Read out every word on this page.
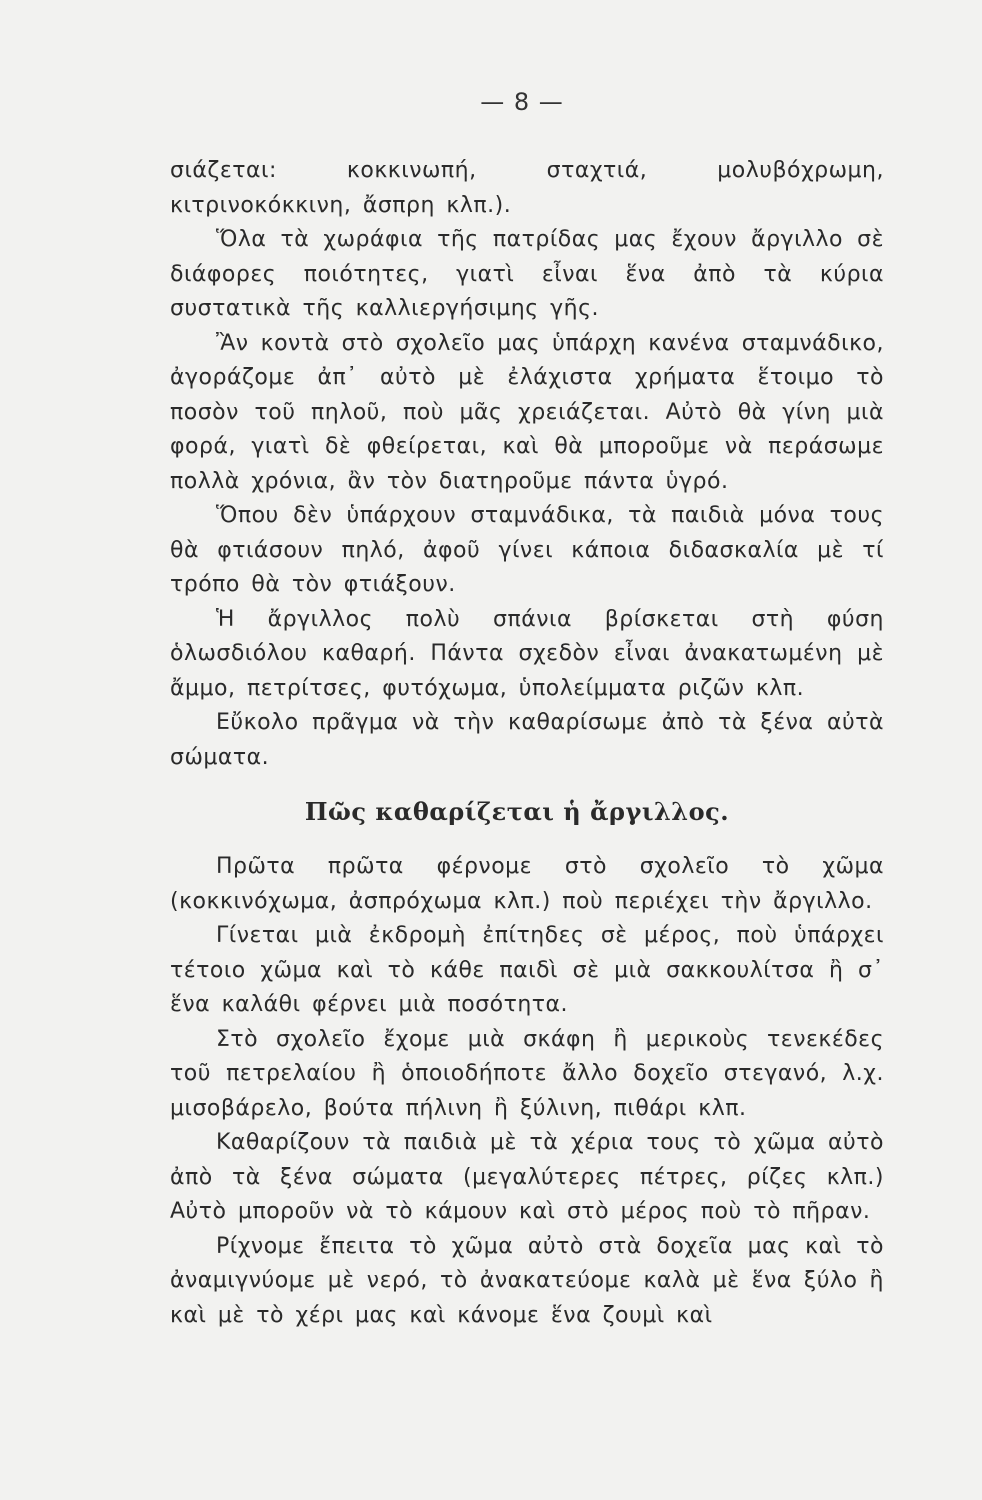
— 8 —

σιάζεται: κοκκινωπή, σταχτιά, μολυβόχρωμη, κιτρινοκόκκινη, ἄσπρη κλπ.).

Ὅλα τὰ χωράφια τῆς πατρίδας μας ἔχουν ἄργιλλο σὲ διάφορες ποιότητες, γιατὶ εἶναι ἕνα ἀπὸ τὰ κύρια συστατικὰ τῆς καλλιεργήσιμης γῆς.

Ἂν κοντὰ στὸ σχολεῖο μας ὑπάρχη κανένα σταμνάδικο, ἀγοράζομε ἀπ᾽ αὐτὸ μὲ ἐλάχιστα χρήματα ἕτοιμο τὸ ποσὸν τοῦ πηλοῦ, ποὺ μᾶς χρειάζεται. Αὐτὸ θὰ γίνη μιὰ φορά, γιατὶ δὲ φθείρεται, καὶ θὰ μποροῦμε νὰ περάσωμε πολλὰ χρόνια, ἂν τὸν διατηροῦμε πάντα ὑγρό.

Ὅπου δὲν ὑπάρχουν σταμνάδικα, τὰ παιδιὰ μόνα τους θὰ φτιάσουν πηλό, ἀφοῦ γίνει κάποια διδασκαλία μὲ τί τρόπο θὰ τὸν φτιάξουν.

Ἡ ἄργιλλος πολὺ σπάνια βρίσκεται στὴ φύση ὁλωσδιόλου καθαρή. Πάντα σχεδὸν εἶναι ἀνακατωμένη μὲ ἄμμο, πετρίτσες, φυτόχωμα, ὑπολείμματα ριζῶν κλπ.

Εὔκολο πρᾶγμα νὰ τὴν καθαρίσωμε ἀπὸ τὰ ξένα αὐτὰ σώματα.

Πῶς καθαρίζεται ἡ ἄργιλλος.

Πρῶτα πρῶτα φέρνομε στὸ σχολεῖο τὸ χῶμα (κοκκινόχωμα, ἀσπρόχωμα κλπ.) ποὺ περιέχει τὴν ἄργιλλο.

Γίνεται μιὰ ἐκδρομὴ ἐπίτηδες σὲ μέρος, ποὺ ὑπάρχει τέτοιο χῶμα καὶ τὸ κάθε παιδὶ σὲ μιὰ σακκουλίτσα ἢ σ᾽ ἕνα καλάθι φέρνει μιὰ ποσότητα.

Στὸ σχολεῖο ἔχομε μιὰ σκάφη ἢ μερικοὺς τενεκέδες τοῦ πετρελαίου ἢ ὁποιοδήποτε ἄλλο δοχεῖο στεγανό, λ.χ. μισοβάρελο, βούτα πήλινη ἢ ξύλινη, πιθάρι κλπ.

Καθαρίζουν τὰ παιδιὰ μὲ τὰ χέρια τους τὸ χῶμα αὐτὸ ἀπὸ τὰ ξένα σώματα (μεγαλύτερες πέτρες, ρίζες κλπ.) Αὐτὸ μποροῦν νὰ τὸ κάμουν καὶ στὸ μέρος ποὺ τὸ πῆραν.

Ρίχνομε ἔπειτα τὸ χῶμα αὐτὸ στὰ δοχεῖα μας καὶ τὸ ἀναμιγνύομε μὲ νερό, τὸ ἀνακατεύομε καλὰ μὲ ἕνα ξύλο ἢ καὶ μὲ τὸ χέρι μας καὶ κάνομε ἕνα ζουμὶ καὶ
